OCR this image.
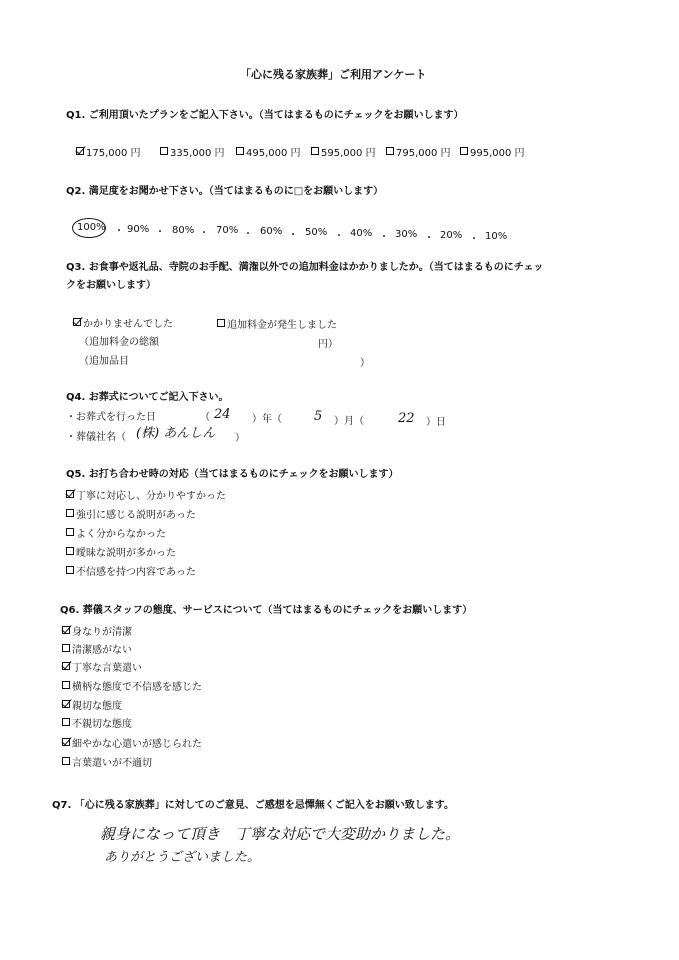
「心に残る家族葬」ご利用アンケート
Q1. ご利用頂いたプランをご記入下さい。（当てはまるものにチェックをお願いします）
175,000 円	335,000 円	495,000 円	595,000 円	795,000 円	995,000 円
Q2. 満足度をお聞かせ下さい。（当てはまるものに□をお願いします）
100% ・ 90% ・ 80% ・ 70% ・ 60% ・ 50% ・ 40% ・ 30% ・ 20% ・ 10%
Q3. お食事や返礼品、寺院のお手配、満潅以外での追加料金はかかりましたか。（当てはまるものにチェッ
クをお願いします）
かかりませんでした	追加料金が発生しました
（追加料金の総額	円）
（追加品目	）
Q4. お葬式についてご記入下さい。
・お葬式を行った日	（ 24 ）年（ 5 ）月（	22 ）日
・葬儀社名（ (株) あんしん ）
Q5. お打ち合わせ時の対応（当てはまるものにチェックをお願いします）
丁寧に対応し、分かりやすかった
強引に感じる説明があった
よく分からなかった
曖昧な説明が多かった
不信感を持つ内容であった
Q6. 葬儀スタッフの態度、サービスについて（当てはまるものにチェックをお願いします）
身なりが清潔
清潔感がない
丁寧な言葉遣い
横柄な態度で不信感を感じた
親切な態度
不親切な態度
細やかな心遣いが感じられた
言葉遣いが不適切
Q7. 「心に残る家族葬」に対してのご意見、ご感想を忌憚無くご記入をお願い致します。
親身になって頂き　丁寧な対応で大変助かりました。
ありがとうございました。
